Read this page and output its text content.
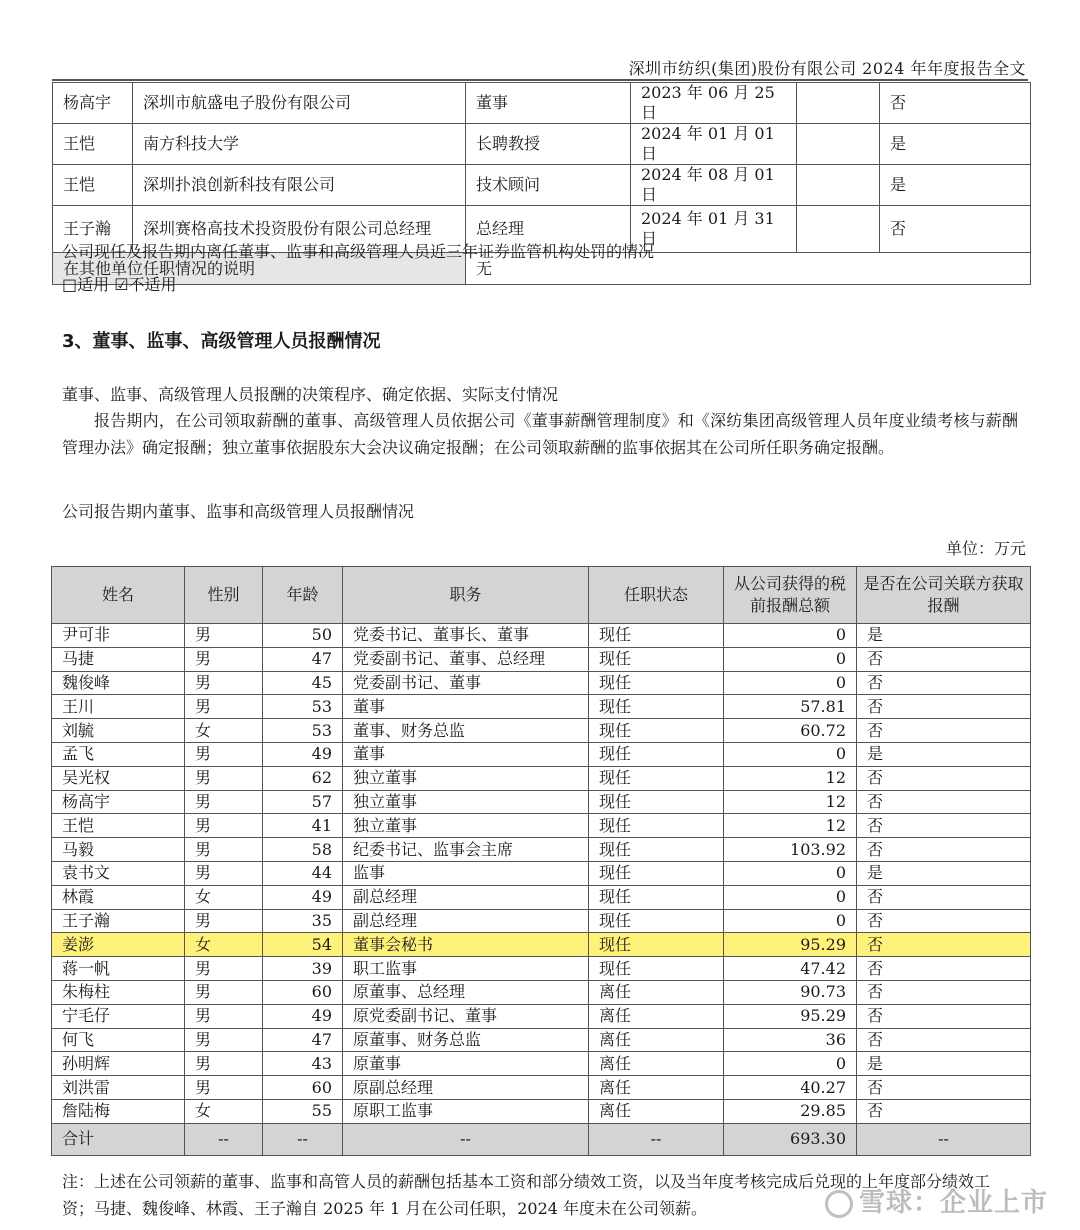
深圳市纺织(集团)股份有限公司 2024 年年度报告全文
杨高宇	深圳市航盛电子股份有限公司	董事	2023 年 06 月 25 日		否
王恺	南方科技大学	长聘教授	2024 年 01 月 01 日		是
王恺	深圳扑浪创新科技有限公司	技术顾问	2024 年 08 月 01 日		是
王子瀚	深圳赛格高技术投资股份有限公司总经理	总经理	2024 年 01 月 31 日		否
在其他单位任职情况的说明		无			
公司现任及报告期内离任董事、监事和高级管理人员近三年证券监管机构处罚的情况
□适用 ☑不适用
3、董事、监事、高级管理人员报酬情况
董事、监事、高级管理人员报酬的决策程序、确定依据、实际支付情况
报告期内，在公司领取薪酬的董事、高级管理人员依据公司《董事薪酬管理制度》和《深纺集团高级管理人员年度业绩考核与薪酬管理办法》确定报酬；独立董事依据股东大会决议确定报酬；在公司领取薪酬的监事依据其在公司所任职务确定报酬。
公司报告期内董事、监事和高级管理人员报酬情况
单位：万元
姓名	性别	年龄	职务	任职状态	从公司获得的税前报酬总额	是否在公司关联方获取报酬
尹可非	男	50	党委书记、董事长、董事	现任	0	是
马捷	男	47	党委副书记、董事、总经理	现任	0	否
魏俊峰	男	45	党委副书记、董事	现任	0	否
王川	男	53	董事	现任	57.81	否
刘毓	女	53	董事、财务总监	现任	60.72	否
孟飞	男	49	董事	现任	0	是
吴光权	男	62	独立董事	现任	12	否
杨高宇	男	57	独立董事	现任	12	否
王恺	男	41	独立董事	现任	12	否
马毅	男	58	纪委书记、监事会主席	现任	103.92	否
袁书文	男	44	监事	现任	0	是
林霞	女	49	副总经理	现任	0	否
王子瀚	男	35	副总经理	现任	0	否
姜澎	女	54	董事会秘书	现任	95.29	否
蒋一帆	男	39	职工监事	现任	47.42	否
朱梅柱	男	60	原董事、总经理	离任	90.73	否
宁毛仔	男	49	原党委副书记、董事	离任	95.29	否
何飞	男	47	原董事、财务总监	离任	36	否
孙明辉	男	43	原董事	离任	0	是
刘洪雷	男	60	原副总经理	离任	40.27	否
詹陆梅	女	55	原职工监事	离任	29.85	否
合计	--	--	--	--	693.30	--
注：上述在公司领薪的董事、监事和高管人员的薪酬包括基本工资和部分绩效工资，以及当年度考核完成后兑现的上年度部分绩效工资；马捷、魏俊峰、林霞、王子瀚自 2025 年 1 月在公司任职，2024 年度未在公司领薪。	雪球：企业上市
